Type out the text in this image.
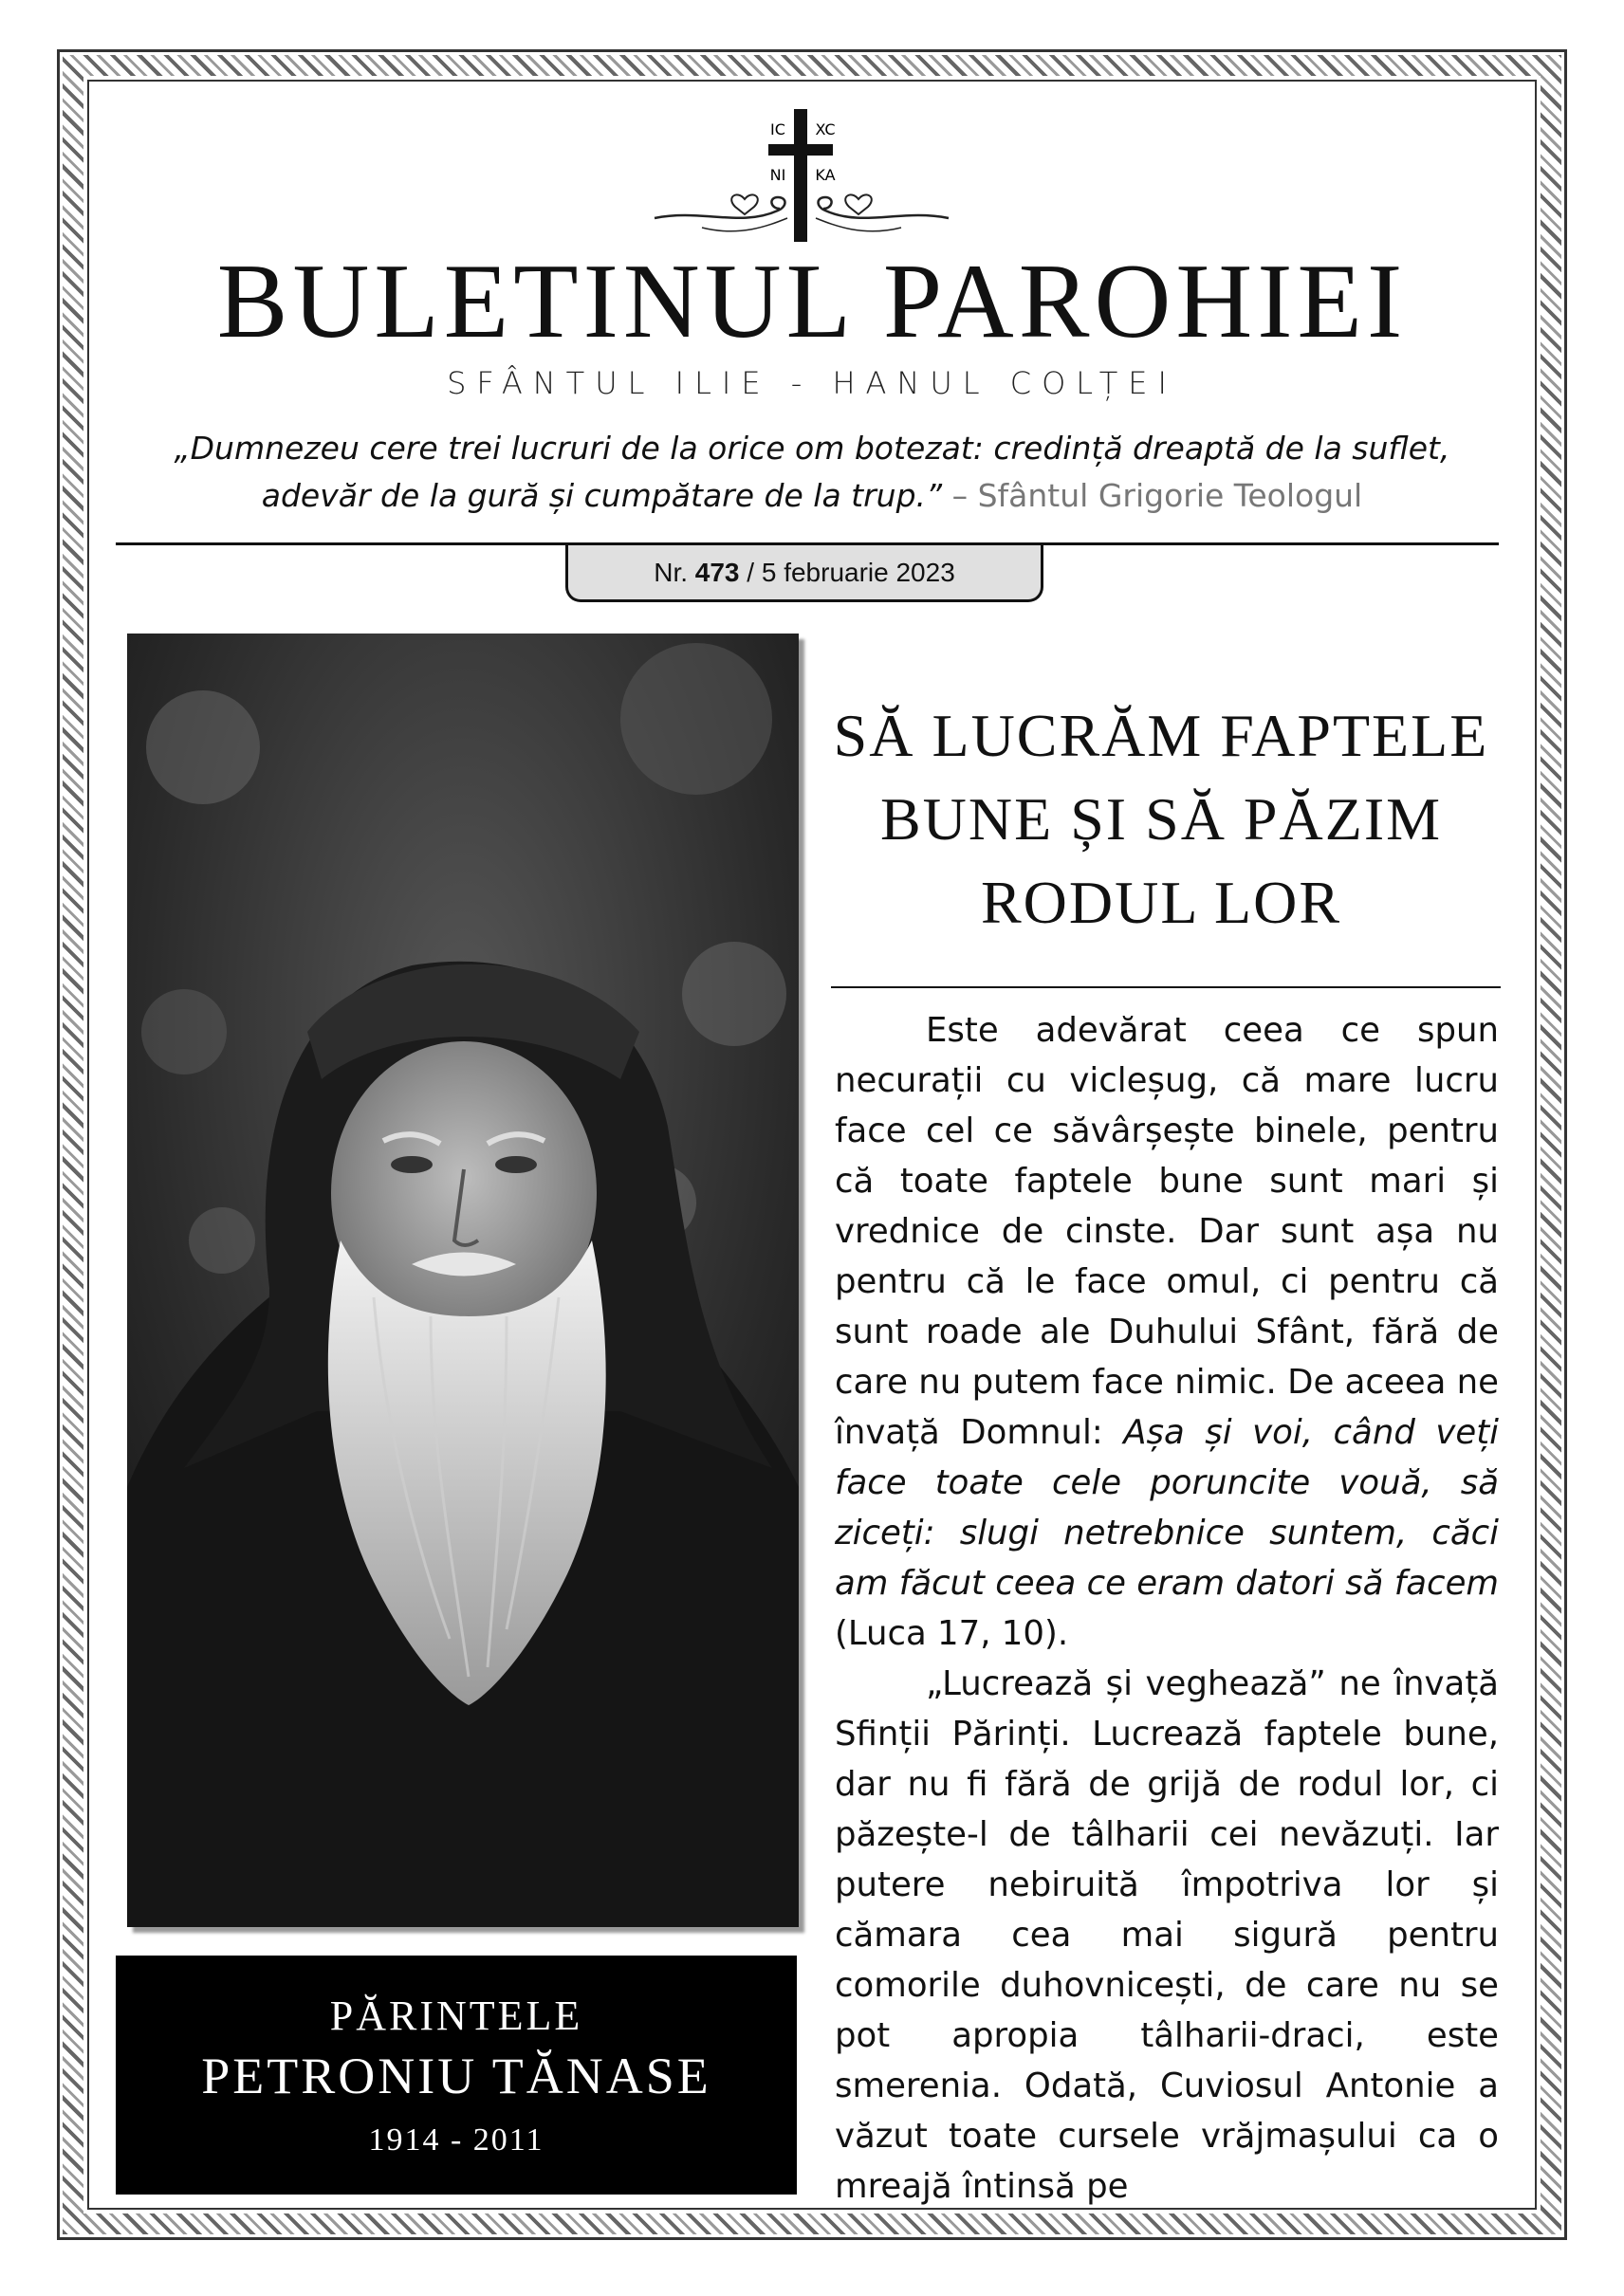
IC XC
NI KA
BULETINUL PAROHIEI
SFÂNTUL ILIE - HANUL COLȚEI
„Dumnezeu cere trei lucruri de la orice om botezat: credință dreaptă de la suflet, adevăr de la gură și cumpătare de la trup.” – Sfântul Grigorie Teologul
Nr.
473
/ 5 februarie 2023
PĂRINTELE
PETRONIU TĂNASE
1914 - 2011
SĂ LUCRĂM FAPTELE
BUNE ȘI SĂ PĂZIM
RODUL LOR

Este adevărat ceea ce spun necurații cu vicleșug, că mare lucru face cel ce săvârșește binele, pentru că toate faptele bune sunt mari și vrednice de cinste. Dar sunt așa nu pentru că le face omul, ci pentru că sunt roade ale Duhului Sfânt, fără de care nu putem face nimic. De aceea ne învață Domnul: Așa și voi, când veți face toate cele poruncite vouă, să ziceți: slugi netrebnice suntem, căci am făcut ceea ce eram datori să facem (Luca 17, 10).

„Lucrează și veghează” ne învață Sfinții Părinți. Lucrează faptele bune, dar nu fi fără de grijă de rodul lor, ci păzește-l de tâlharii cei nevăzuți. Iar putere nebiruită împotriva lor și cămara cea mai sigură pentru comorile duhovnicești, de care nu se pot apropia tâlharii-draci, este smerenia. Odată, Cuviosul Antonie a văzut toate cursele vrăjmașului ca o mreajă întinsă pe
